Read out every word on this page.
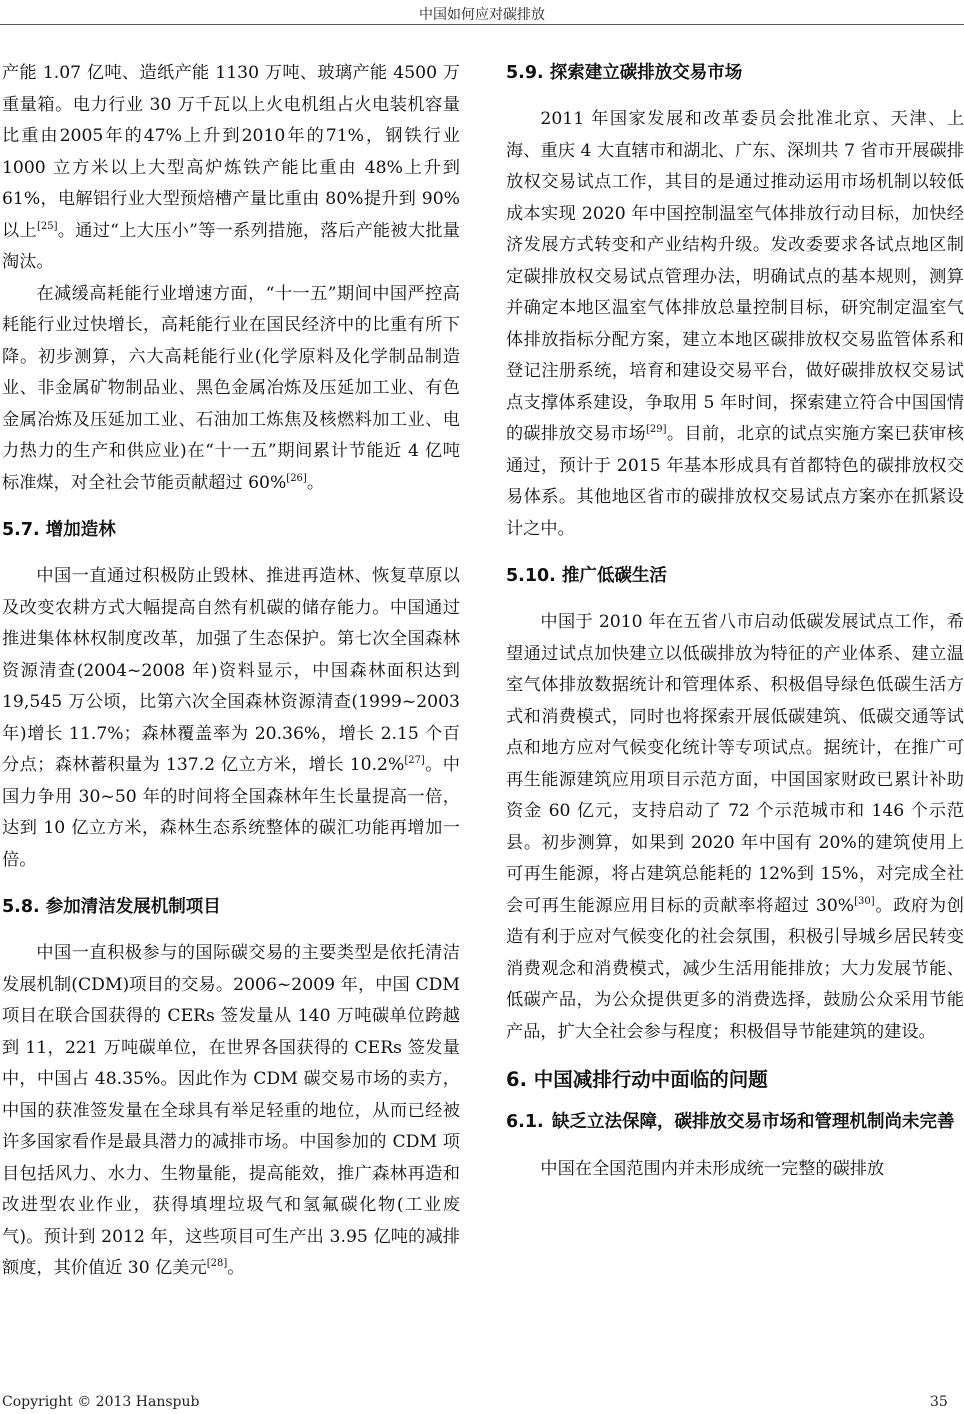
中国如何应对碳排放

产能 1.07 亿吨、造纸产能 1130 万吨、玻璃产能 4500 万重量箱。电力行业 30 万千瓦以上火电机组占火电装机容量比重由2005年的47%上升到2010年的71%，钢铁行业 1000 立方米以上大型高炉炼铁产能比重由 48%上升到 61%，电解铝行业大型预焙槽产量比重由 80%提升到 90%以上[25]。通过“上大压小”等一系列措施，落后产能被大批量淘汰。

在减缓高耗能行业增速方面，“十一五”期间中国严控高耗能行业过快增长，高耗能行业在国民经济中的比重有所下降。初步测算，六大高耗能行业(化学原料及化学制品制造业、非金属矿物制品业、黑色金属冶炼及压延加工业、有色金属冶炼及压延加工业、石油加工炼焦及核燃料加工业、电力热力的生产和供应业)在“十一五”期间累计节能近 4 亿吨标准煤，对全社会节能贡献超过 60%[26]。

5.7. 增加造林

中国一直通过积极防止毁林、推进再造林、恢复草原以及改变农耕方式大幅提高自然有机碳的储存能力。中国通过推进集体林权制度改革，加强了生态保护。第七次全国森林资源清查(2004~2008 年)资料显示，中国森林面积达到 19,545 万公顷，比第六次全国森林资源清查(1999~2003 年)增长 11.7%；森林覆盖率为 20.36%，增长 2.15 个百分点；森林蓄积量为 137.2 亿立方米，增长 10.2%[27]。中国力争用 30~50 年的时间将全国森林年生长量提高一倍，达到 10 亿立方米，森林生态系统整体的碳汇功能再增加一倍。

5.8. 参加清洁发展机制项目

中国一直积极参与的国际碳交易的主要类型是依托清洁发展机制(CDM)项目的交易。2006~2009 年，中国 CDM 项目在联合国获得的 CERs 签发量从 140 万吨碳单位跨越到 11，221 万吨碳单位，在世界各国获得的 CERs 签发量中，中国占 48.35%。因此作为 CDM 碳交易市场的卖方，中国的获准签发量在全球具有举足轻重的地位，从而已经被许多国家看作是最具潜力的减排市场。中国参加的 CDM 项目包括风力、水力、生物量能，提高能效，推广森林再造和改进型农业作业，获得填埋垃圾气和氢氟碳化物(工业废气)。预计到 2012 年，这些项目可生产出 3.95 亿吨的减排额度，其价值近 30 亿美元[28]。

5.9. 探索建立碳排放交易市场

2011 年国家发展和改革委员会批准北京、天津、上海、重庆 4 大直辖市和湖北、广东、深圳共 7 省市开展碳排放权交易试点工作，其目的是通过推动运用市场机制以较低成本实现 2020 年中国控制温室气体排放行动目标，加快经济发展方式转变和产业结构升级。发改委要求各试点地区制定碳排放权交易试点管理办法，明确试点的基本规则，测算并确定本地区温室气体排放总量控制目标，研究制定温室气体排放指标分配方案，建立本地区碳排放权交易监管体系和登记注册系统，培育和建设交易平台，做好碳排放权交易试点支撑体系建设，争取用 5 年时间，探索建立符合中国国情的碳排放交易市场[29]。目前，北京的试点实施方案已获审核通过，预计于 2015 年基本形成具有首都特色的碳排放权交易体系。其他地区省市的碳排放权交易试点方案亦在抓紧设计之中。

5.10. 推广低碳生活

中国于 2010 年在五省八市启动低碳发展试点工作，希望通过试点加快建立以低碳排放为特征的产业体系、建立温室气体排放数据统计和管理体系、积极倡导绿色低碳生活方式和消费模式，同时也将探索开展低碳建筑、低碳交通等试点和地方应对气候变化统计等专项试点。据统计，在推广可再生能源建筑应用项目示范方面，中国国家财政已累计补助资金 60 亿元，支持启动了 72 个示范城市和 146 个示范县。初步测算，如果到 2020 年中国有 20%的建筑使用上可再生能源，将占建筑总能耗的 12%到 15%，对完成全社会可再生能源应用目标的贡献率将超过 30%[30]。政府为创造有利于应对气候变化的社会氛围，积极引导城乡居民转变消费观念和消费模式，减少生活用能排放；大力发展节能、低碳产品，为公众提供更多的消费选择，鼓励公众采用节能产品，扩大全社会参与程度；积极倡导节能建筑的建设。

6. 中国减排行动中面临的问题
6.1. 缺乏立法保障，碳排放交易市场和管理机制尚未完善

中国在全国范围内并未形成统一完整的碳排放

Copyright © 2013 Hanspub	35
